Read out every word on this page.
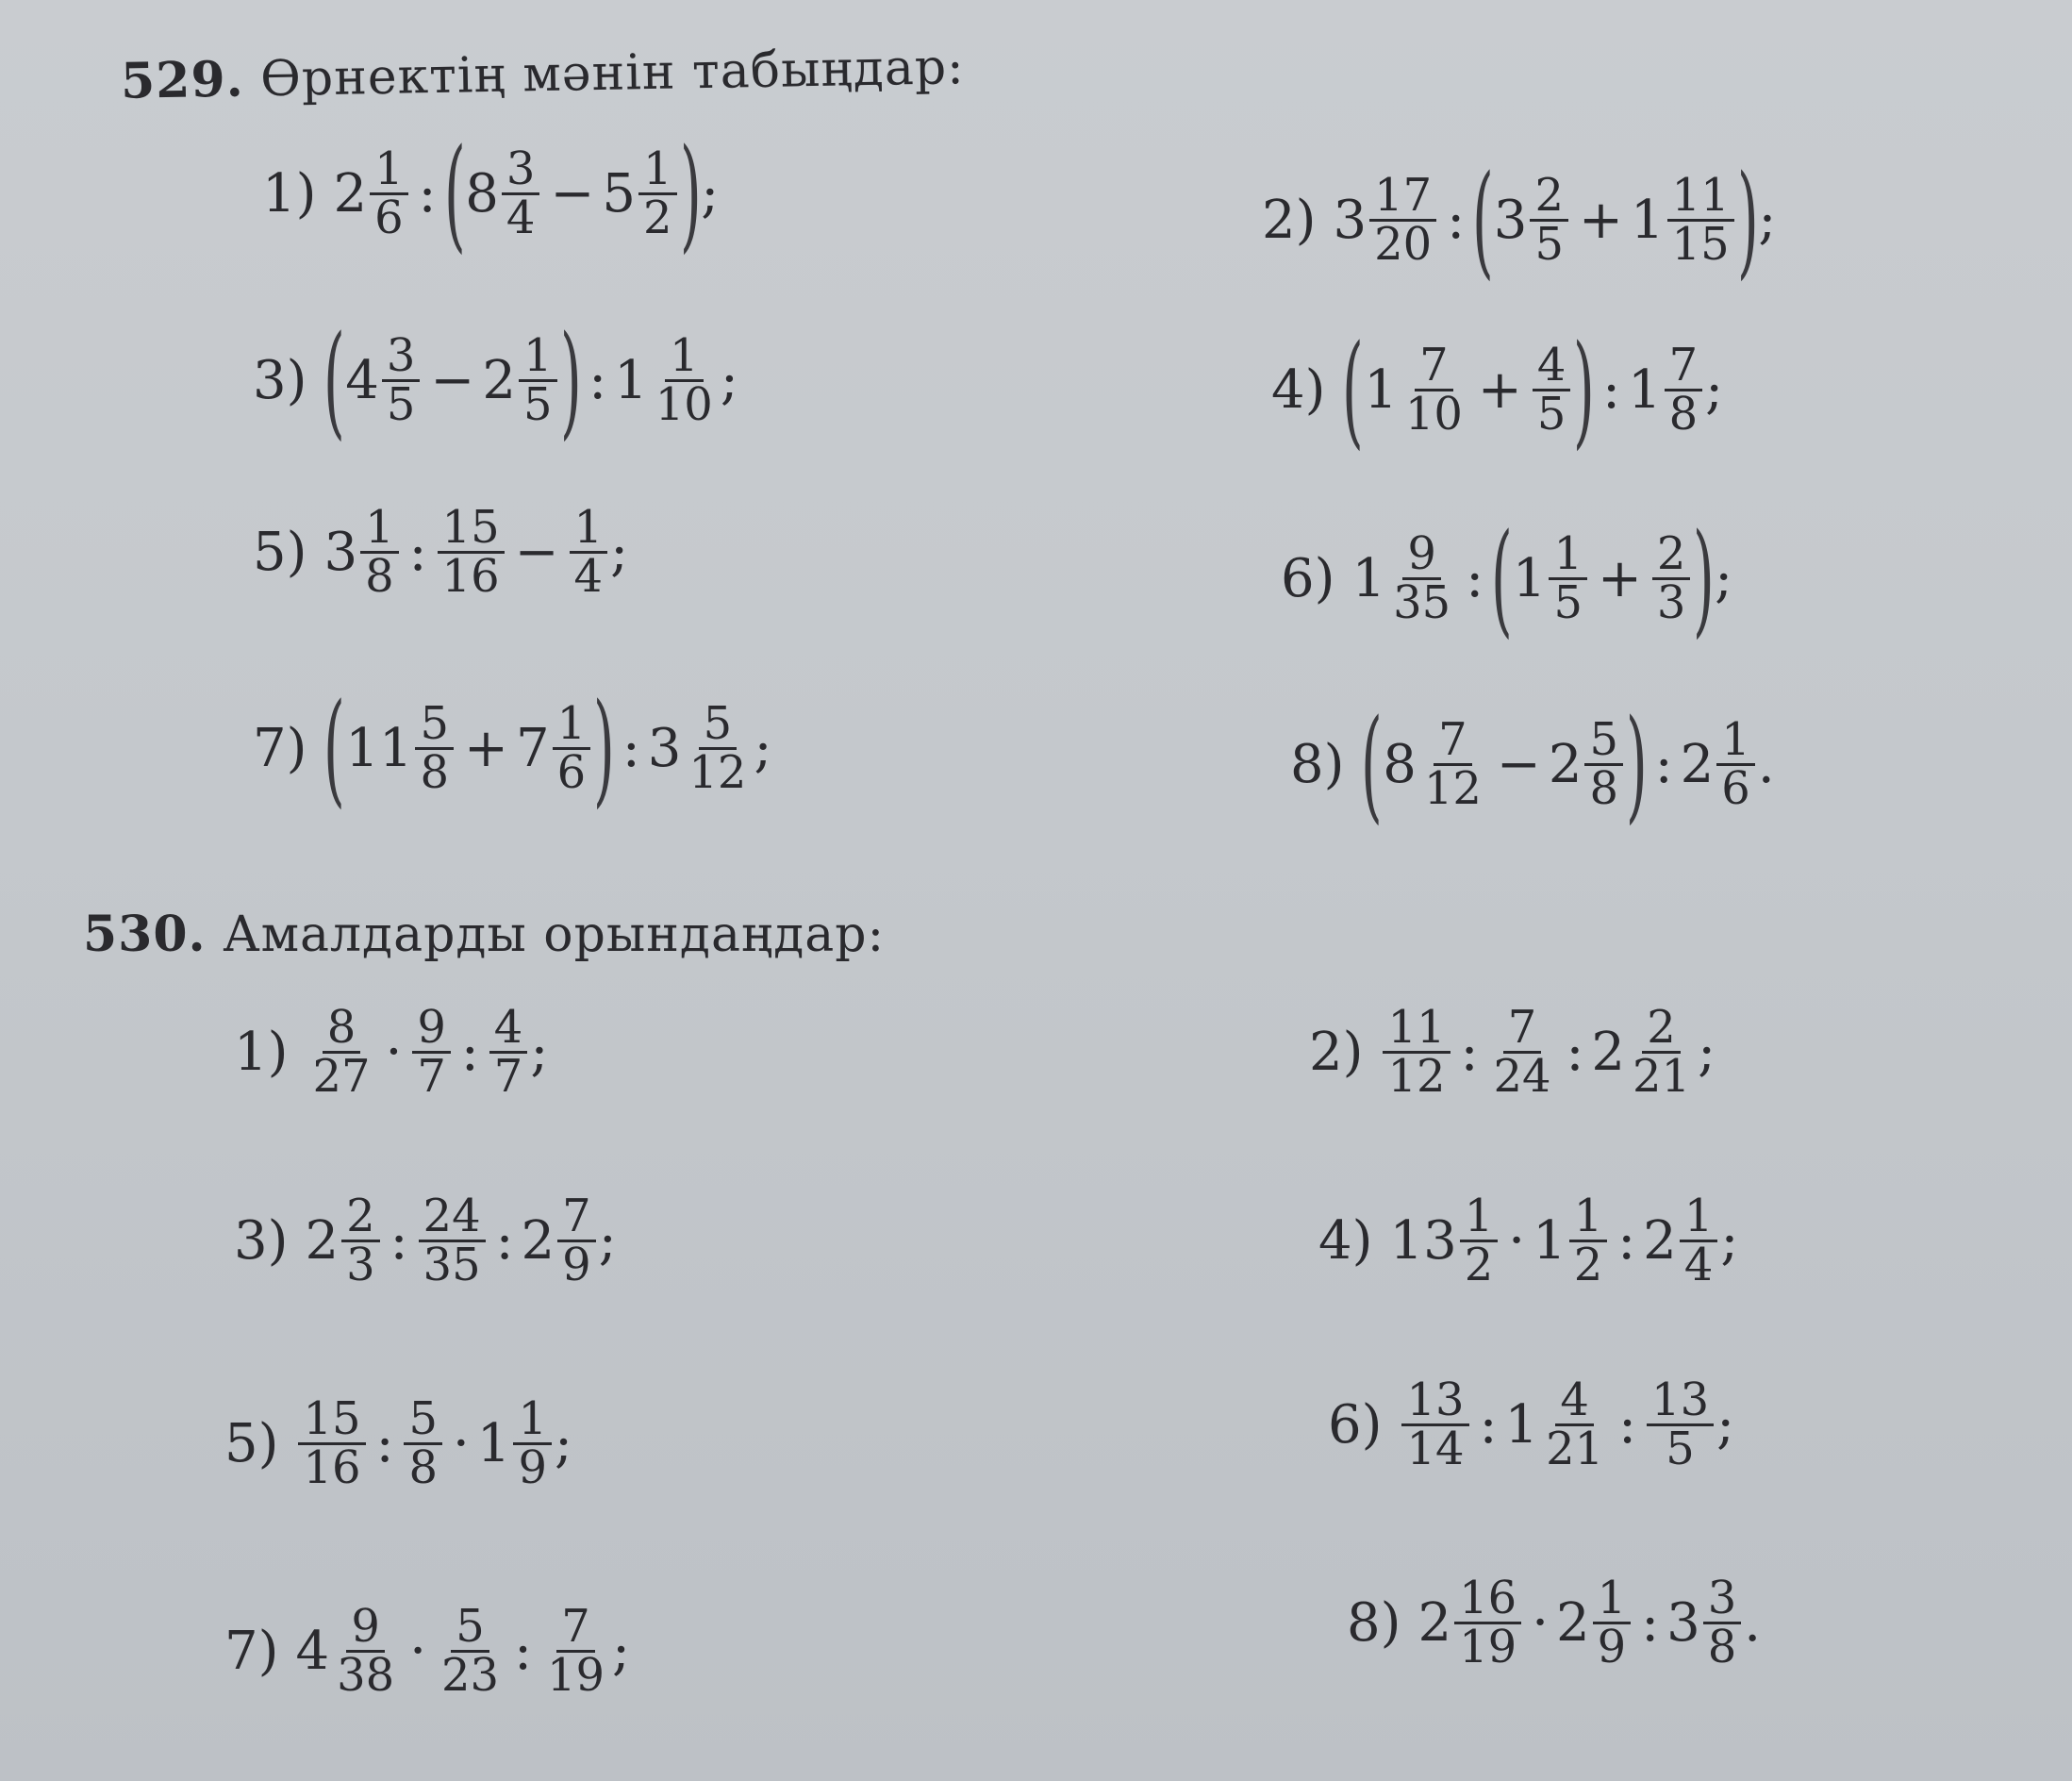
529. Өрнектің мәнін табыңдар:
1) $2 \frac{1}{6}$ : ( $8 \frac{3}{4} - 5 \frac{1}{2}$ ) ;	2) $3 \frac{17}{20}$ : ( $3 \frac{2}{5} + 1 \frac{11}{15}$ ) ;
3) ( $4 \frac{3}{5} - 2 \frac{1}{5}$ ) : $1 \frac{1}{10}$ ;	4) ( $1 \frac{7}{10} + \frac{4}{5}$ ) : $1 \frac{7}{8}$ ;
5) $3 \frac{1}{8}$ : $\frac{15}{16} - \frac{1}{4}$ ;	6) $1 \frac{9}{35}$ : ( $1 \frac{1}{5} + \frac{2}{3}$ ) ;
7) ( $11 \frac{5}{8} + 7 \frac{1}{6}$ ) : $3 \frac{5}{12}$ ;	8) ( $8 \frac{7}{12} - 2 \frac{5}{8}$ ) : $2 \frac{1}{6}$ .
530. Амалдарды орындаңдар:
$1) \frac{8}{27} \cdot \frac{9}{7}$ : $\frac{4}{7}$ ;	$2) \frac{11}{12}$ : $\frac{7}{24}$ : $2 \frac{2}{21}$ ;
3) $2 \frac{2}{3}$ : $\frac{24}{35}$ : $2 \frac{7}{9}$ ;	4) $13 \frac{1}{2} \cdot 1 \frac{1}{2}$ : $2 \frac{1}{4}$ ;
$5) \frac{15}{16}$ : $\frac{5}{8} \cdot 1 \frac{1}{9}$ ;	$6) \frac{13}{14}$ : $1 \frac{4}{21}$ : $\frac{13}{5}$ ;
7) $4 \frac{9}{38} \cdot \frac{5}{23}$ : $\frac{7}{19}$ ;	8) $2 \frac{16}{19} \cdot 2 \frac{1}{9}$ : $3 \frac{3}{8}$ .
